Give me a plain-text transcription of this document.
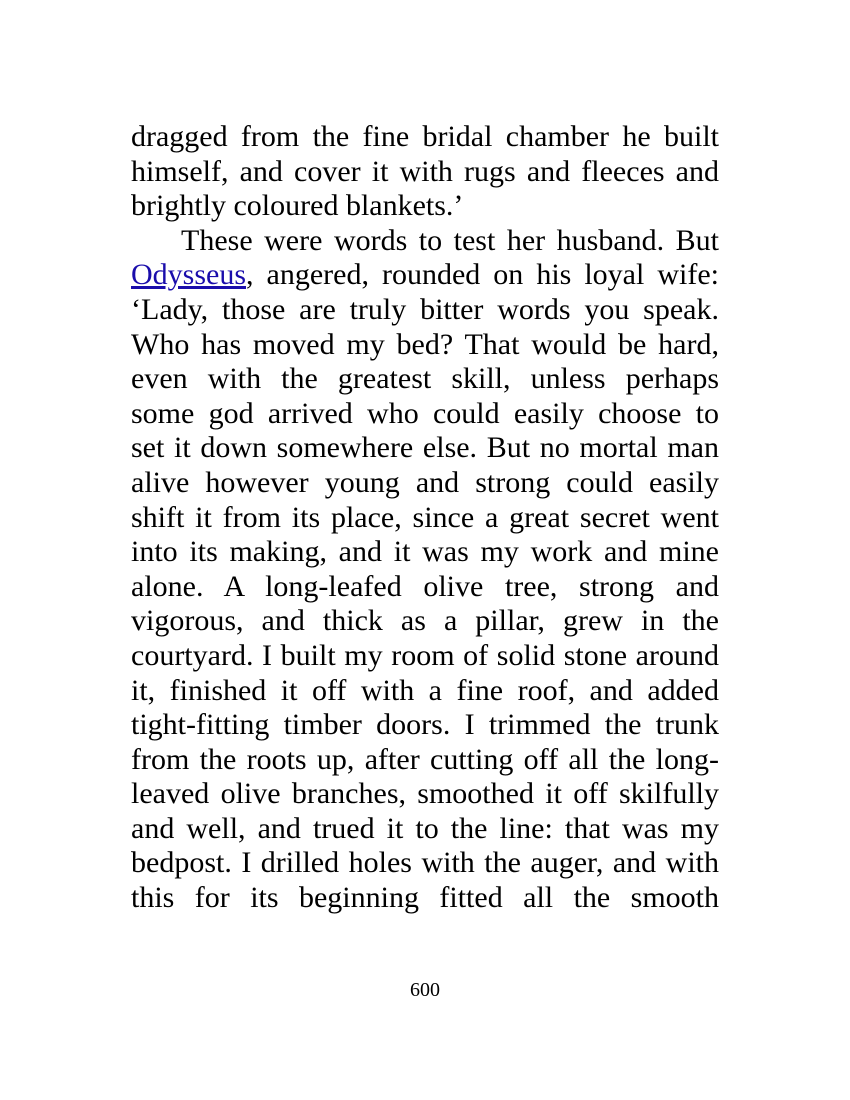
dragged from the fine bridal chamber he built
himself, and cover it with rugs and fleeces and
brightly coloured blankets.’
These were words to test her husband. But
Odysseus, angered, rounded on his loyal wife:
‘Lady, those are truly bitter words you speak.
Who has moved my bed? That would be hard,
even with the greatest skill, unless perhaps
some god arrived who could easily choose to
set it down somewhere else. But no mortal man
alive however young and strong could easily
shift it from its place, since a great secret went
into its making, and it was my work and mine
alone. A long-leafed olive tree, strong and
vigorous, and thick as a pillar, grew in the
courtyard. I built my room of solid stone around
it, finished it off with a fine roof, and added
tight-fitting timber doors. I trimmed the trunk
from the roots up, after cutting off all the long-
leaved olive branches, smoothed it off skilfully
and well, and trued it to the line: that was my
bedpost. I drilled holes with the auger, and with
this for its beginning fitted all the smooth
600
